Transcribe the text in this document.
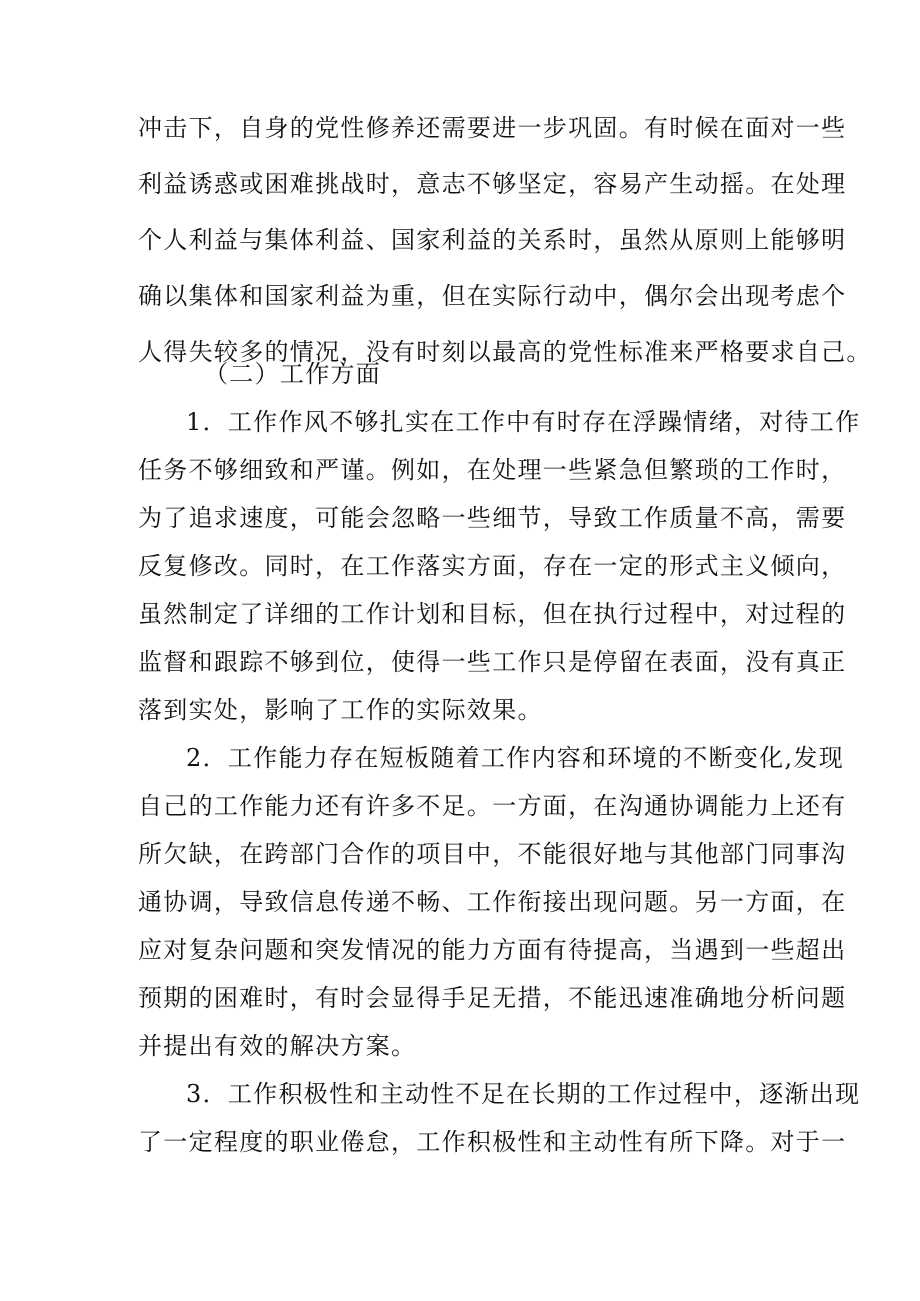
冲击下，自身的党性修养还需要进一步巩固。有时候在面对一些
利益诱惑或困难挑战时，意志不够坚定，容易产生动摇。在处理
个人利益与集体利益、国家利益的关系时，虽然从原则上能够明
确以集体和国家利益为重，但在实际行动中，偶尔会出现考虑个
人得失较多的情况，没有时刻以最高的党性标准来严格要求自己。
（二）工作方面
1．工作作风不够扎实在工作中有时存在浮躁情绪，对待工作
任务不够细致和严谨。例如，在处理一些紧急但繁琐的工作时，
为了追求速度，可能会忽略一些细节，导致工作质量不高，需要
反复修改。同时，在工作落实方面，存在一定的形式主义倾向，
虽然制定了详细的工作计划和目标，但在执行过程中，对过程的
监督和跟踪不够到位，使得一些工作只是停留在表面，没有真正
落到实处，影响了工作的实际效果。
2．工作能力存在短板随着工作内容和环境的不断变化,发现
自己的工作能力还有许多不足。一方面，在沟通协调能力上还有
所欠缺，在跨部门合作的项目中，不能很好地与其他部门同事沟
通协调，导致信息传递不畅、工作衔接出现问题。另一方面，在
应对复杂问题和突发情况的能力方面有待提高，当遇到一些超出
预期的困难时，有时会显得手足无措，不能迅速准确地分析问题
并提出有效的解决方案。
3．工作积极性和主动性不足在长期的工作过程中，逐渐出现
了一定程度的职业倦怠，工作积极性和主动性有所下降。对于一
